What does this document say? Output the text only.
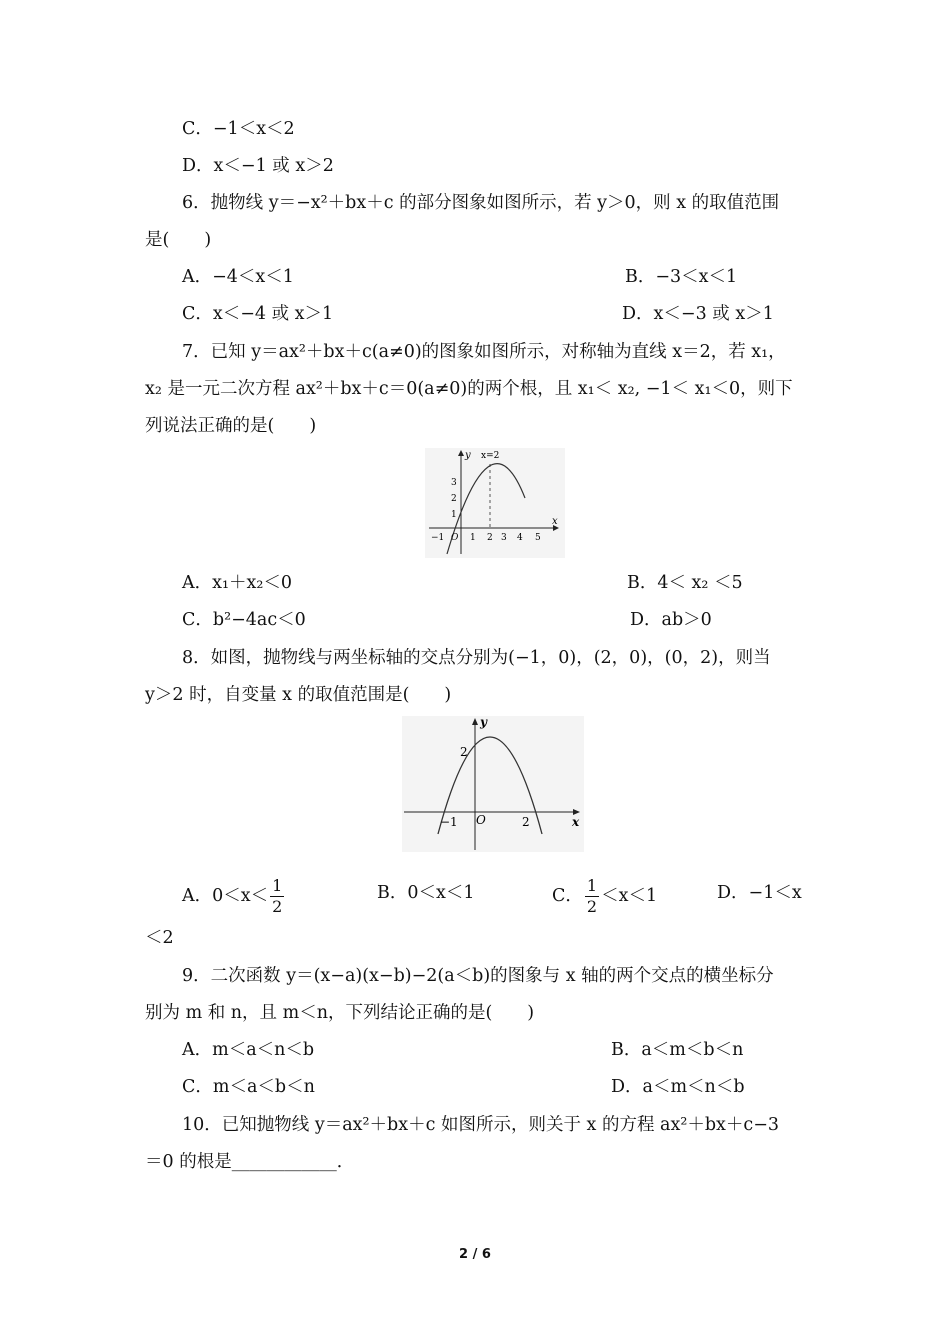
C．−1＜x＜2
D．x＜−1 或 x＞2
6．抛物线 y＝−x²＋bx＋c 的部分图象如图所示，若 y＞0，则 x 的取值范围
是(　　)
A．−4＜x＜1	B．−3＜x＜1
C．x＜−4 或 x＞1	D．x＜−3 或 x＞1
7．已知 y＝ax²＋bx＋c(a≠0)的图象如图所示，对称轴为直线 x＝2，若 x₁，
x₂ 是一元二次方程 ax²＋bx＋c＝0(a≠0)的两个根，且 x₁＜ x₂, −1＜ x₁＜0，则下
列说法正确的是(　　)
y
x
x=2
O
−1	1 2 3 4 5
1
2
3
A．x₁＋x₂＜0	B．4＜ x₂ ＜5
C．b²−4ac＜0	D．ab＞0
8．如图，抛物线与两坐标轴的交点分别为(−1，0)，(2，0)，(0，2)，则当
y＞2 时，自变量 x 的取值范围是(　　)
y
x
O
−1	2
2
A．$0<x< \frac{1}{2}$	B．0＜x＜1	C． $\frac{1}{2} <x<1$	D．−1＜x
＜2
9．二次函数 y＝(x−a)(x−b)−2(a＜b)的图象与 x 轴的两个交点的横坐标分
别为 m 和 n，且 m＜n，下列结论正确的是(　　)
A．m＜a＜n＜b	B．a＜m＜b＜n
C．m＜a＜b＜n	D．a＜m＜n＜b
10．已知抛物线 y＝ax²＋bx＋c 如图所示，则关于 x 的方程 ax²＋bx＋c−3
＝0 的根是____________．
2 / 6
